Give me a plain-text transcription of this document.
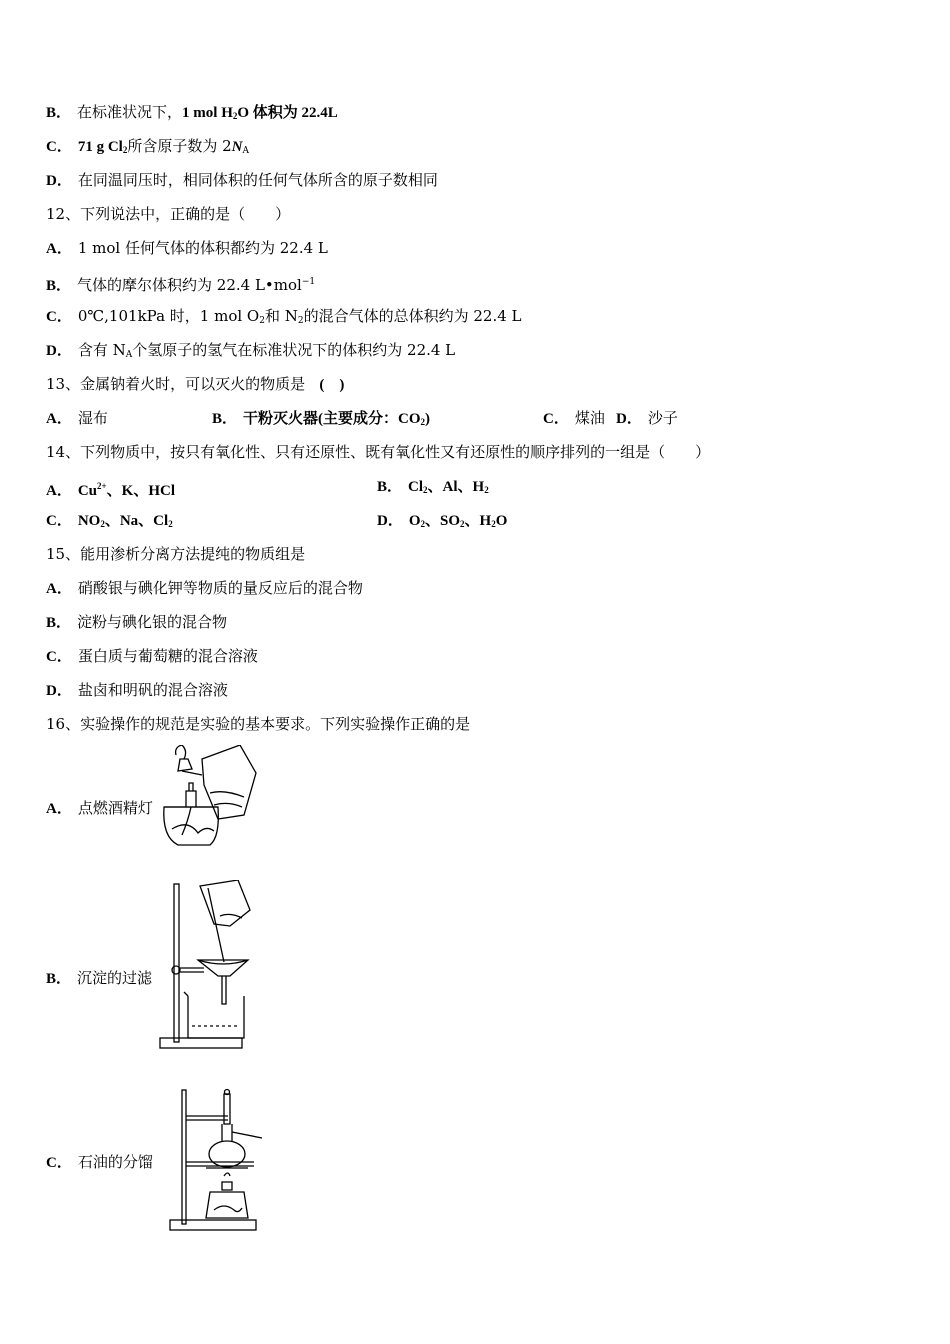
B． 在标准状况下，1 mol $H_2O$ 体积为 22.4L
C． 71 g $Cl_2$所含原子数为 $2N_A$
D． 在同温同压时，相同体积的任何气体所含的原子数相同
12、下列说法中，正确的是（　　）
A． 1 mol 任何气体的体积都约为 22.4 L
B． 气体的摩尔体积约为 22.4 L•mol$^{-1}$
C． 0℃,101kPa 时，1 mol $O_2$和 $N_2$的混合气体的总体积约为 22.4 L
D． 含有 $N_A$个氢原子的氢气在标准状况下的体积约为 22.4 L
13、金属钠着火时，可以灭火的物质是 (　)
A． 湿布	B． 干粉灭火器(主要成分：$CO_2$)	C． 煤油 D． 沙子
14、下列物质中，按只有氧化性、只有还原性、既有氧化性又有还原性的顺序排列的一组是（　　）
A． $Cu^{2+}$、K、HCl	B． $Cl_2$、Al、$H_2$
C． $NO_2$、Na、$Cl_2$	D． $O_2$、$SO_2$、$H_2O$
15、能用渗析分离方法提纯的物质组是
A． 硝酸银与碘化钾等物质的量反应后的混合物
B． 淀粉与碘化银的混合物
C． 蛋白质与葡萄糖的混合溶液
D． 盐卤和明矾的混合溶液
16、实验操作的规范是实验的基本要求。下列实验操作正确的是
A． 点燃酒精灯
B． 沉淀的过滤
C． 石油的分馏
